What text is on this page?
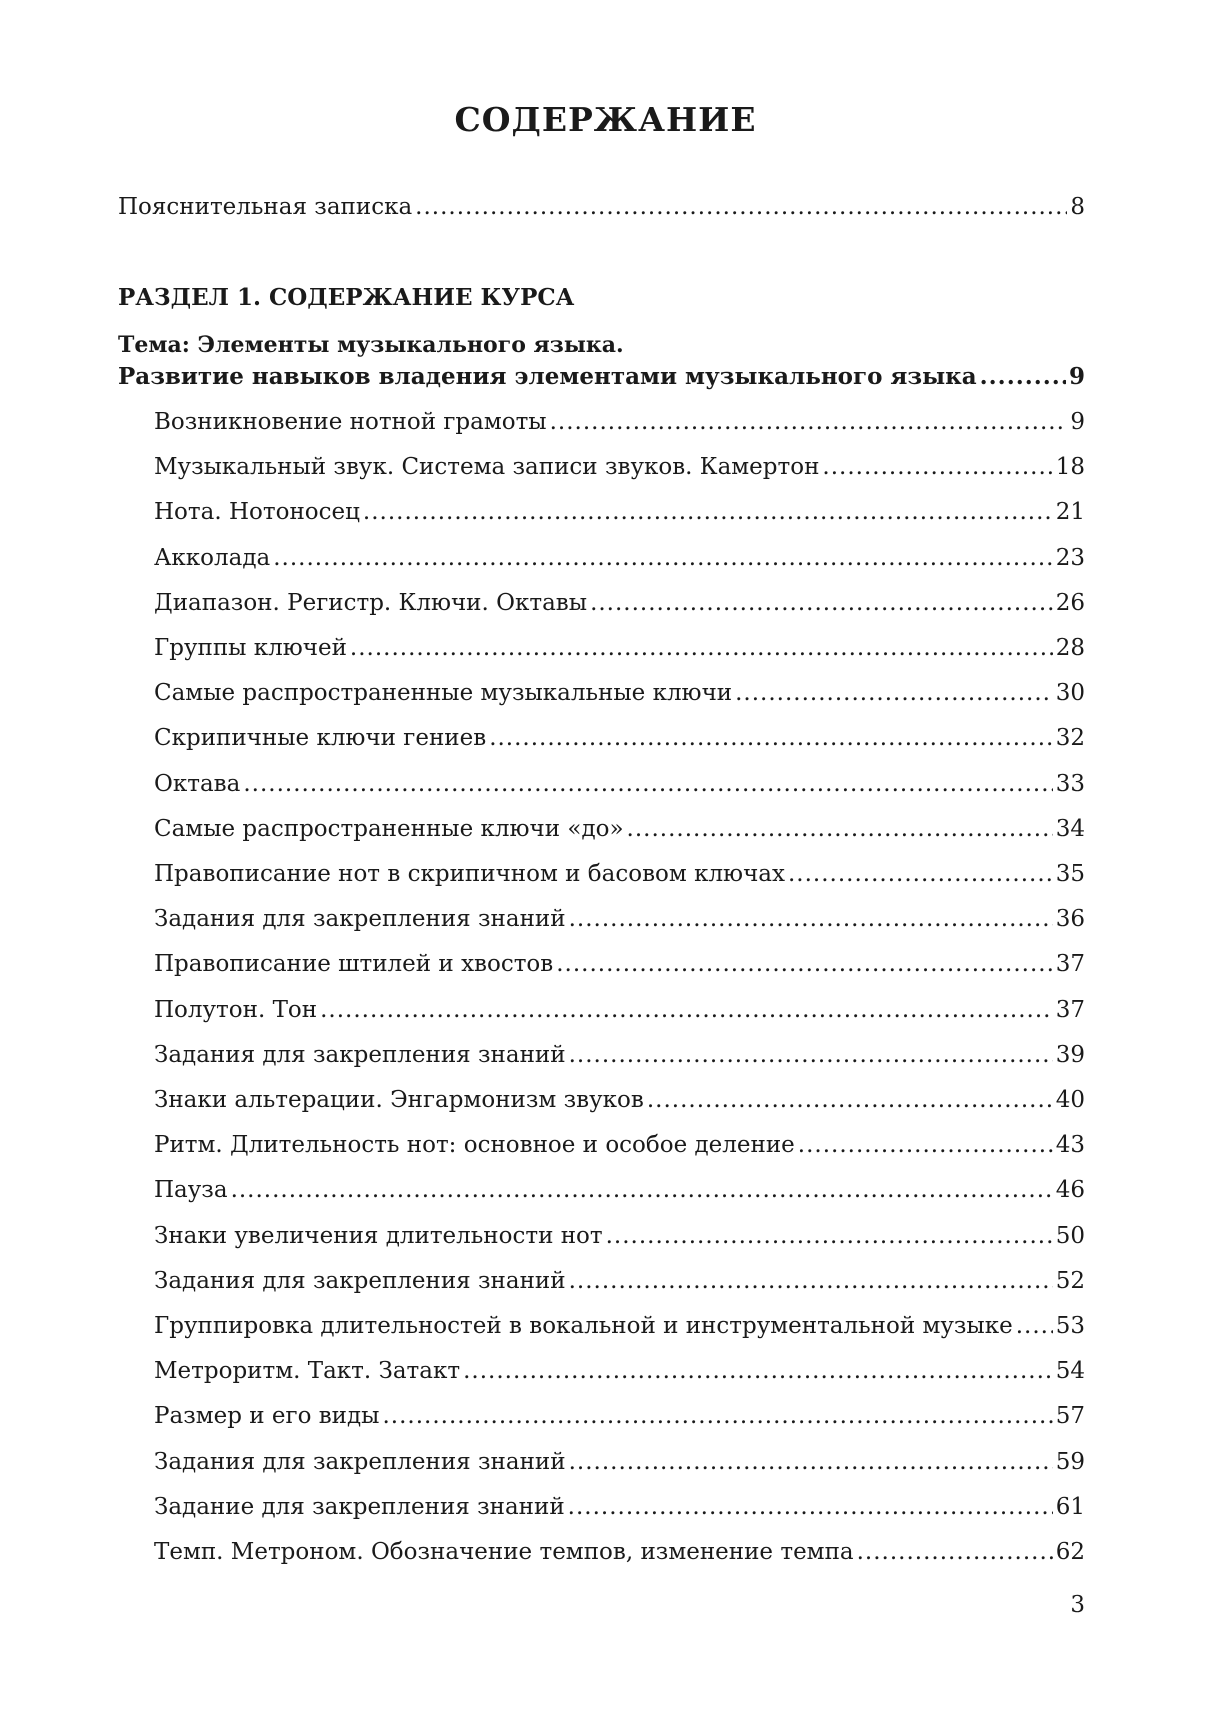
СОДЕРЖАНИЕ
Пояснительная записка .....	8
РАЗДЕЛ 1. СОДЕРЖАНИЕ КУРСА
Тема: Элементы музыкального языка.
Развитие навыков владения элементами музыкального языка .....	9
Возникновение нотной грамоты .....	9
Музыкальный звук. Система записи звуков. Камертон .....	18
Нота. Нотоносец .....	21
Акколада .....	23
Диапазон. Регистр. Ключи. Октавы .....	26
Группы ключей .....	28
Самые распространенные музыкальные ключи .....	30
Скрипичные ключи гениев .....	32
Октава .....	33
Самые распространенные ключи «до» .....	34
Правописание нот в скрипичном и басовом ключах .....	35
Задания для закрепления знаний .....	36
Правописание штилей и хвостов .....	37
Полутон. Тон .....	37
Задания для закрепления знаний .....	39
Знаки альтерации. Энгармонизм звуков .....	40
Ритм. Длительность нот: основное и особое деление .....	43
Пауза .....	46
Знаки увеличения длительности нот .....	50
Задания для закрепления знаний .....	52
Группировка длительностей в вокальной и инструментальной музыке ..... 53
Метроритм. Такт. Затакт .....	54
Размер и его виды .....	57
Задания для закрепления знаний .....	59
Задание для закрепления знаний .....	61
Темп. Метроном. Обозначение темпов, изменение темпа .....	62
3
